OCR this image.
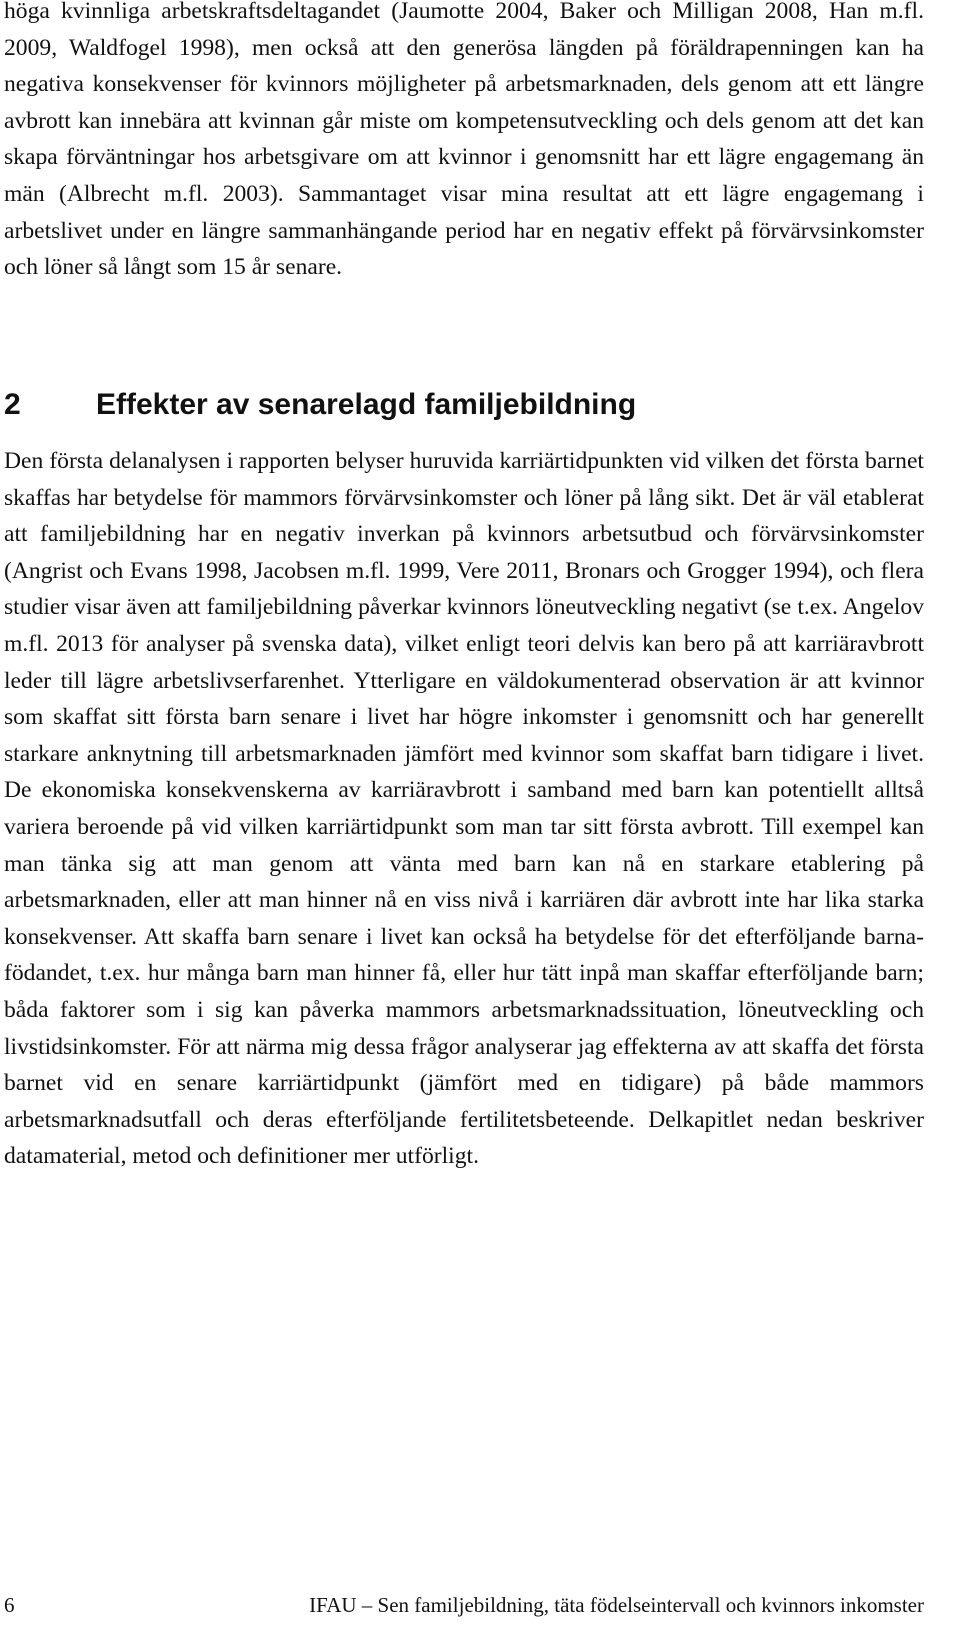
höga kvinnliga arbetskraftsdeltagandet (Jaumotte 2004, Baker och Milligan 2008, Han m.fl. 2009, Waldfogel 1998), men också att den generösa längden på föräldrapenningen kan ha negativa konsekvenser för kvinnors möjligheter på arbetsmarknaden, dels genom att ett längre avbrott kan innebära att kvinnan går miste om kompetensutveckling och dels genom att det kan skapa förväntningar hos arbetsgivare om att kvinnor i genomsnitt har ett lägre engagemang än män (Albrecht m.fl. 2003). Sammantaget visar mina resultat att ett lägre engagemang i arbetslivet under en längre sammanhängande period har en negativ effekt på förvärvsinkomster och löner så långt som 15 år senare.

2	Effekter av senarelagd familjebildning

Den första delanalysen i rapporten belyser huruvida karriärtidpunkten vid vilken det första barnet skaffas har betydelse för mammors förvärvsinkomster och löner på lång sikt. Det är väl etablerat att familjebildning har en negativ inverkan på kvinnors arbetsutbud och förvärvsinkomster (Angrist och Evans 1998, Jacobsen m.fl. 1999, Vere 2011, Bronars och Grogger 1994), och flera studier visar även att familjebildning påverkar kvinnors löneutveckling negativt (se t.ex. Angelov m.fl. 2013 för analyser på svenska data), vilket enligt teori delvis kan bero på att karriäravbrott leder till lägre arbetslivserfarenhet. Ytterligare en väldokumenterad observation är att kvinnor som skaffat sitt första barn senare i livet har högre inkomster i genomsnitt och har generellt starkare anknytning till arbetsmarknaden jämfört med kvinnor som skaffat barn tidigare i livet. De ekonomiska konsekvenskerna av karriäravbrott i samband med barn kan potentiellt alltså variera beroende på vid vilken karriärtidpunkt som man tar sitt första avbrott. Till exempel kan man tänka sig att man genom att vänta med barn kan nå en starkare etablering på arbetsmarknaden, eller att man hinner nå en viss nivå i karriären där avbrott inte har lika starka konsekvenser. Att skaffa barn senare i livet kan också ha betydelse för det efterföljande barnafödandet, t.ex. hur många barn man hinner få, eller hur tätt inpå man skaffar efterföljande barn; båda faktorer som i sig kan påverka mammors arbetsmarknadssituation, löneutveckling och livstidsinkomster. För att närma mig dessa frågor analyserar jag effekterna av att skaffa det första barnet vid en senare karriärtidpunkt (jämfört med en tidigare) på både mammors arbetsmarknadsutfall och deras efterföljande fertilitetsbeteende. Delkapitlet nedan beskriver datamaterial, metod och definitioner mer utförligt.

6	IFAU – Sen familjebildning, täta födelseintervall och kvinnors inkomster
